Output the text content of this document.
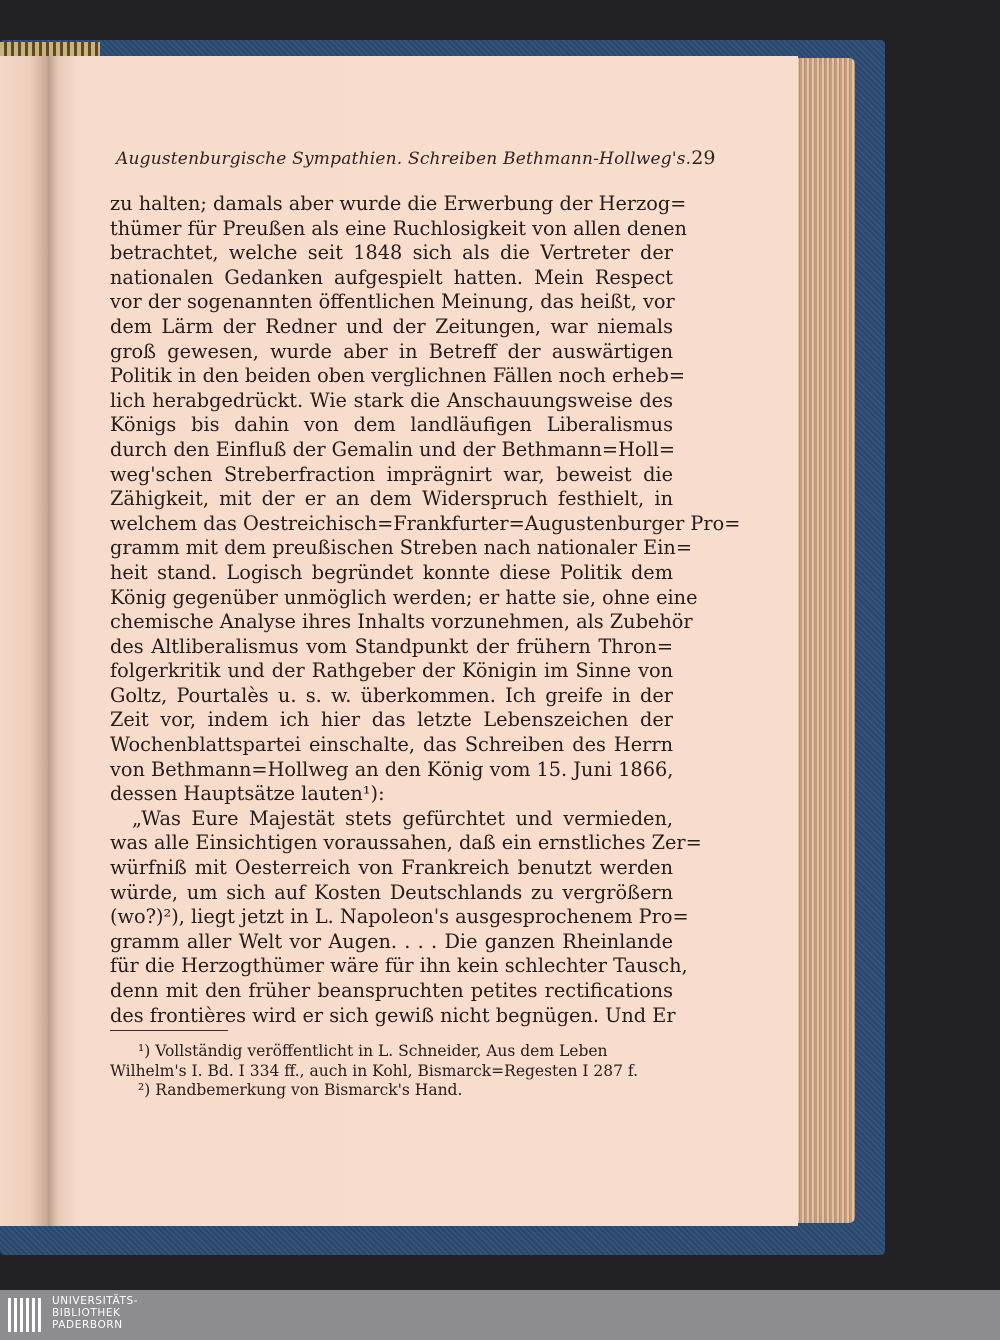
Augustenburgische Sympathien. Schreiben Bethmann-Hollweg's. 29
zu halten; damals aber wurde die Erwerbung der Herzog=
thümer für Preußen als eine Ruchlosigkeit von allen denen
betrachtet, welche seit 1848 sich als die Vertreter der
nationalen Gedanken aufgespielt hatten. Mein Respect
vor der sogenannten öffentlichen Meinung, das heißt, vor
dem Lärm der Redner und der Zeitungen, war niemals
groß gewesen, wurde aber in Betreff der auswärtigen
Politik in den beiden oben verglichnen Fällen noch erheb=
lich herabgedrückt. Wie stark die Anschauungsweise des
Königs bis dahin von dem landläufigen Liberalismus
durch den Einfluß der Gemalin und der Bethmann=Holl=
weg'schen Streberfraction imprägnirt war, beweist die
Zähigkeit, mit der er an dem Widerspruch festhielt, in
welchem das Oestreichisch=Frankfurter=Augustenburger Pro=
gramm mit dem preußischen Streben nach nationaler Ein=
heit stand. Logisch begründet konnte diese Politik dem
König gegenüber unmöglich werden; er hatte sie, ohne eine
chemische Analyse ihres Inhalts vorzunehmen, als Zubehör
des Altliberalismus vom Standpunkt der frühern Thron=
folgerkritik und der Rathgeber der Königin im Sinne von
Goltz, Pourtalès u. s. w. überkommen. Ich greife in der
Zeit vor, indem ich hier das letzte Lebenszeichen der
Wochenblattspartei einschalte, das Schreiben des Herrn
von Bethmann=Hollweg an den König vom 15. Juni 1866,
dessen Hauptsätze lauten¹):
„Was Eure Majestät stets gefürchtet und vermieden,
was alle Einsichtigen voraussahen, daß ein ernstliches Zer=
würfniß mit Oesterreich von Frankreich benutzt werden
würde, um sich auf Kosten Deutschlands zu vergrößern
(wo?)²), liegt jetzt in L. Napoleon's ausgesprochenem Pro=
gramm aller Welt vor Augen. . . . Die ganzen Rheinlande
für die Herzogthümer wäre für ihn kein schlechter Tausch,
denn mit den früher beanspruchten petites rectifications
des frontières wird er sich gewiß nicht begnügen. Und Er
¹) Vollständig veröffentlicht in L. Schneider, Aus dem Leben
Wilhelm's I. Bd. I 334 ff., auch in Kohl, Bismarck=Regesten I 287 f.
²) Randbemerkung von Bismarck's Hand.
UNIVERSITÄTS-
BIBLIOTHEK
PADERBORN
